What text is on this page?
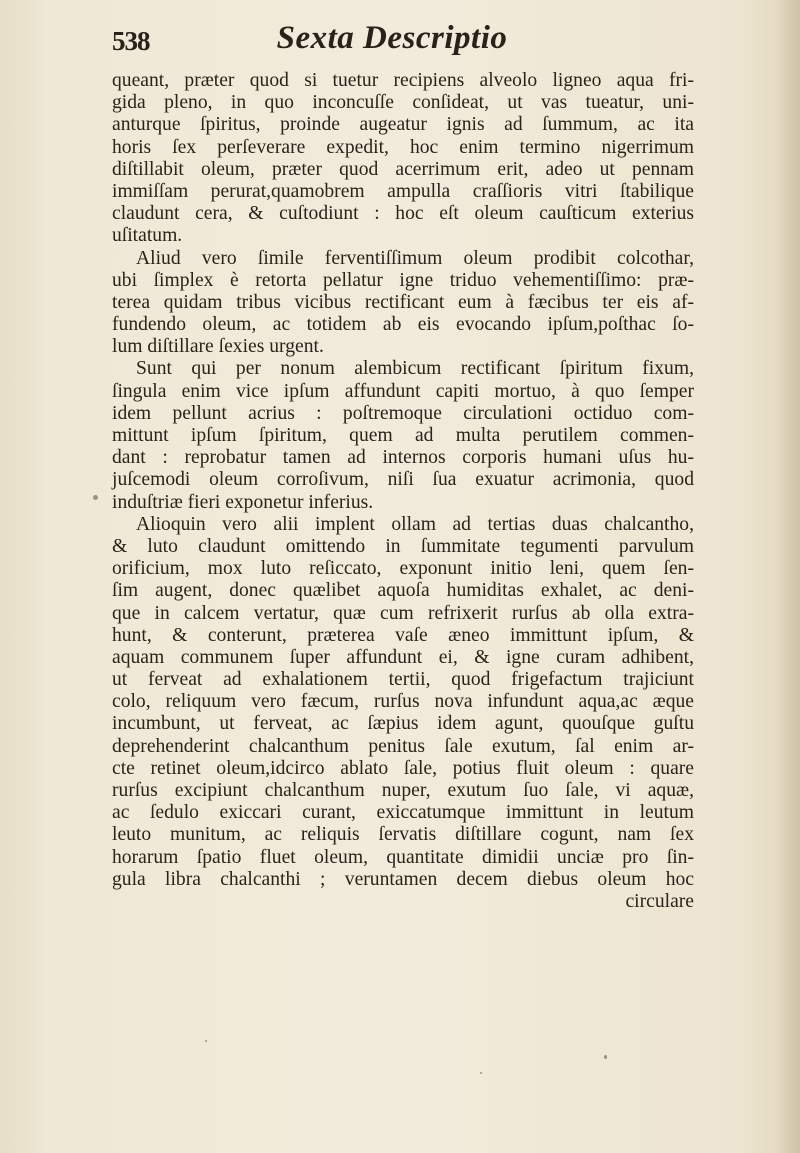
538	Sexta Descriptio
queant, præter quod si tuetur recipiens alveolo ligneo aqua fri-
gida pleno, in quo inconcuſſe conſideat, ut vas tueatur, uni-
anturque ſpiritus, proinde augeatur ignis ad ſummum, ac ita
horis ſex perſeverare expedit, hoc enim termino nigerrimum
diſtillabit oleum, præter quod acerrimum erit, adeo ut pennam
immiſſam perurat,quamobrem ampulla craſſioris vitri ſtabilique
claudunt cera, & cuſtodiunt : hoc eſt oleum cauſticum exterius
uſitatum.
Aliud vero ſimile ferventiſſimum oleum prodibit colcothar,
ubi ſimplex è retorta pellatur igne triduo vehementiſſimo: præ-
terea quidam tribus vicibus rectificant eum à fæcibus ter eis af-
fundendo oleum, ac totidem ab eis evocando ipſum,poſthac ſo-
lum diſtillare ſexies urgent.
Sunt qui per nonum alembicum rectificant ſpiritum fixum,
ſingula enim vice ipſum affundunt capiti mortuo, à quo ſemper
idem pellunt acrius : poſtremoque circulationi octiduo com-
mittunt ipſum ſpiritum, quem ad multa perutilem commen-
dant : reprobatur tamen ad internos corporis humani uſus hu-
juſcemodi oleum corroſivum, niſi ſua exuatur acrimonia, quod
induſtriæ fieri exponetur inferius.
Alioquin vero alii implent ollam ad tertias duas chalcantho,
& luto claudunt omittendo in ſummitate tegumenti parvulum
orificium, mox luto reſiccato, exponunt initio leni, quem ſen-
ſim augent, donec quælibet aquoſa humiditas exhalet, ac deni-
que in calcem vertatur, quæ cum refrixerit rurſus ab olla extra-
hunt, & conterunt, præterea vaſe æneo immittunt ipſum, &
aquam communem ſuper affundunt ei, & igne curam adhibent,
ut ferveat ad exhalationem tertii, quod frigefactum trajiciunt
colo, reliquum vero fæcum, rurſus nova infundunt aqua,ac æque
incumbunt, ut ferveat, ac ſæpius idem agunt, quouſque guſtu
deprehenderint chalcanthum penitus ſale exutum, ſal enim ar-
cte retinet oleum,idcirco ablato ſale, potius fluit oleum : quare
rurſus excipiunt chalcanthum nuper, exutum ſuo ſale, vi aquæ,
ac ſedulo exiccari curant, exiccatumque immittunt in leutum
leuto munitum, ac reliquis ſervatis diſtillare cogunt, nam ſex
horarum ſpatio fluet oleum, quantitate dimidii unciæ pro ſin-
gula libra chalcanthi ; veruntamen decem diebus oleum hoc
circulare
